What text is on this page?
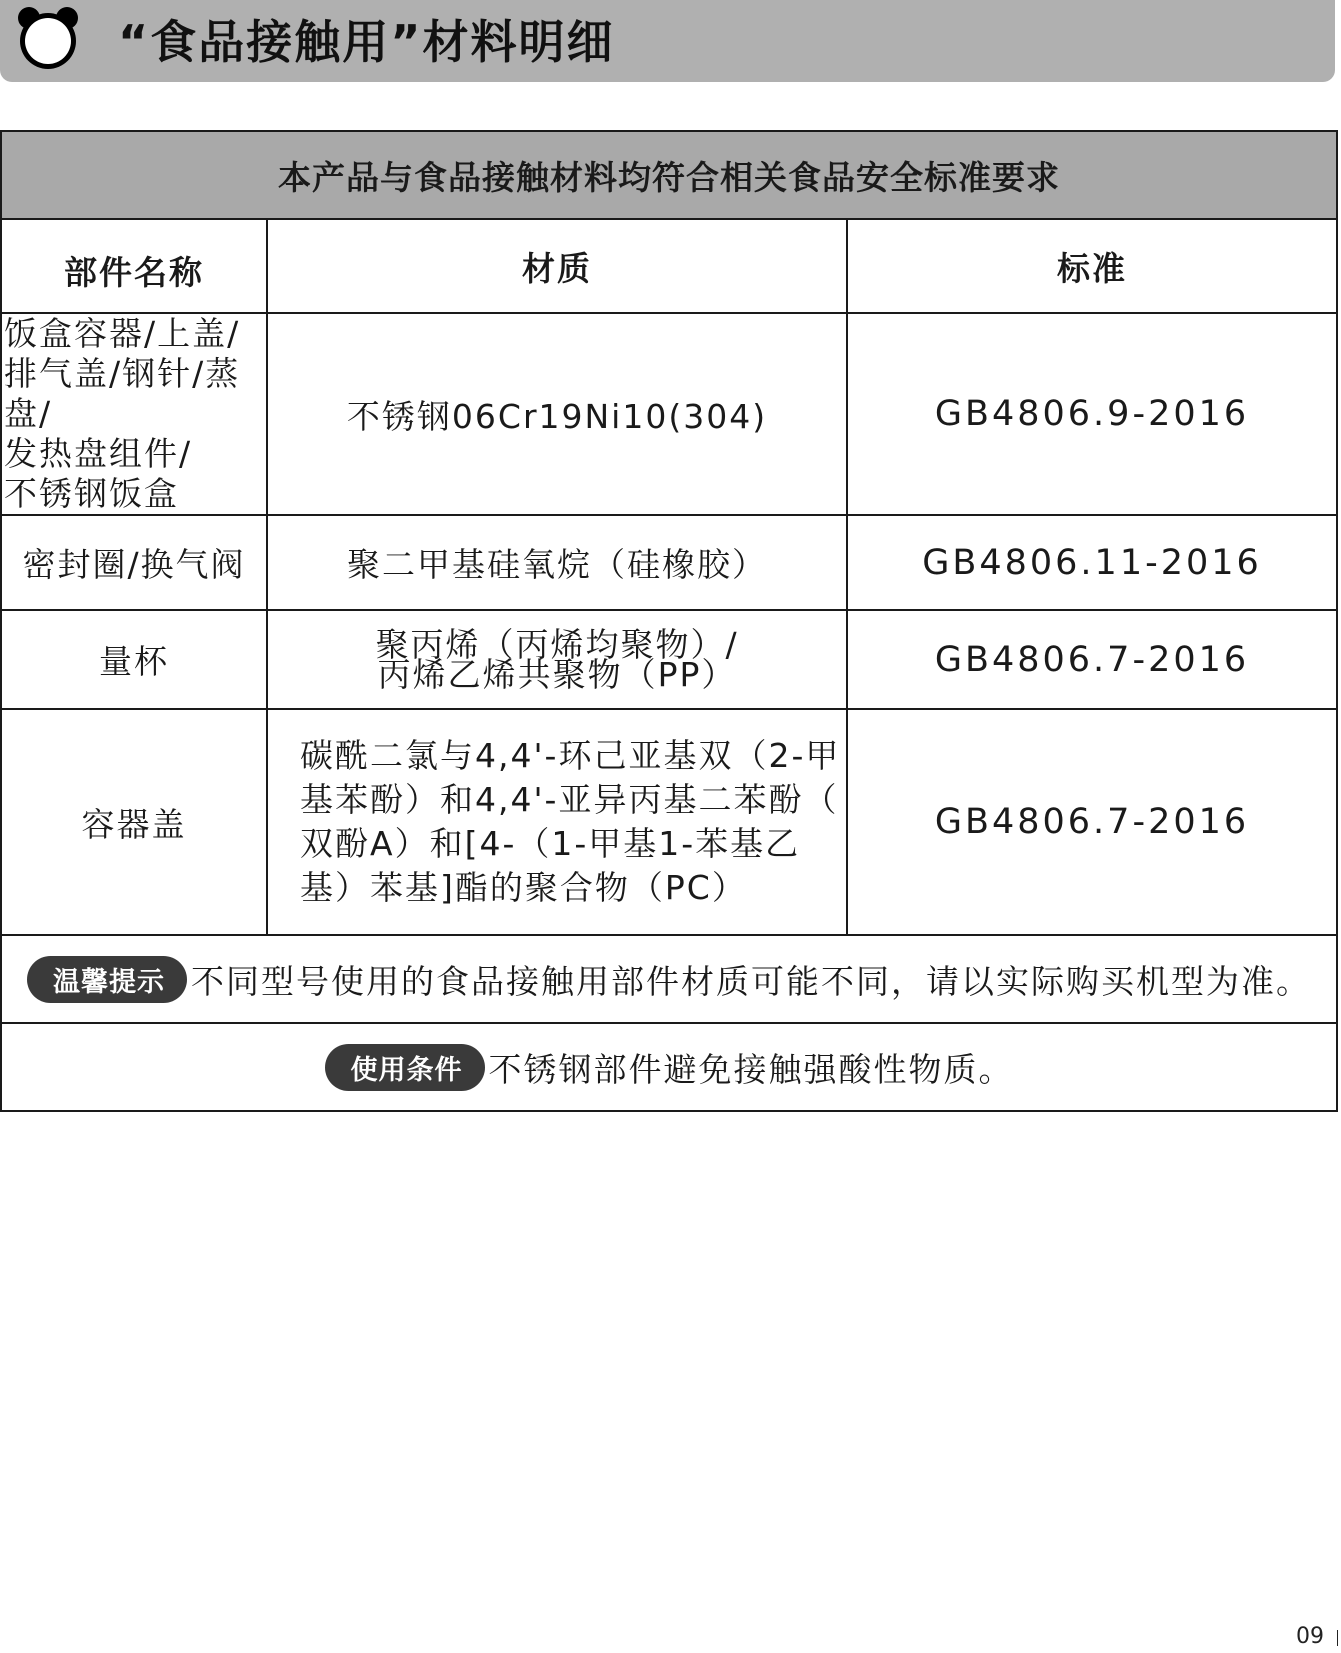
“食品接触用”材料明细
本产品与食品接触材料均符合相关食品安全标准要求		
部件名称	材质	标准

饭盒容器/上盖/
排气盖/钢针/蒸盘/
发热盘组件/
不锈钢饭盒	不锈钢06Cr19Ni10(304)	GB4806.9-2016

密封圈/换气阀	聚二甲基硅氧烷（硅橡胶）	GB4806.11-2016

量杯	聚丙烯（丙烯均聚物）/
丙烯乙烯共聚物（PP）	GB4806.7-2016

容器盖	碳酰二氯与4,4'-环己亚基双（2-甲
基苯酚）和4,4'-亚异丙基二苯酚（
双酚A）和[4-（1-甲基1-苯基乙
基）苯基]酯的聚合物（PC）	GB4806.7-2016
温馨提示 不同型号使用的食品接触用部件材质可能不同，请以实际购买机型为准。		
使用条件 不锈钢部件避免接触强酸性物质。		
09
